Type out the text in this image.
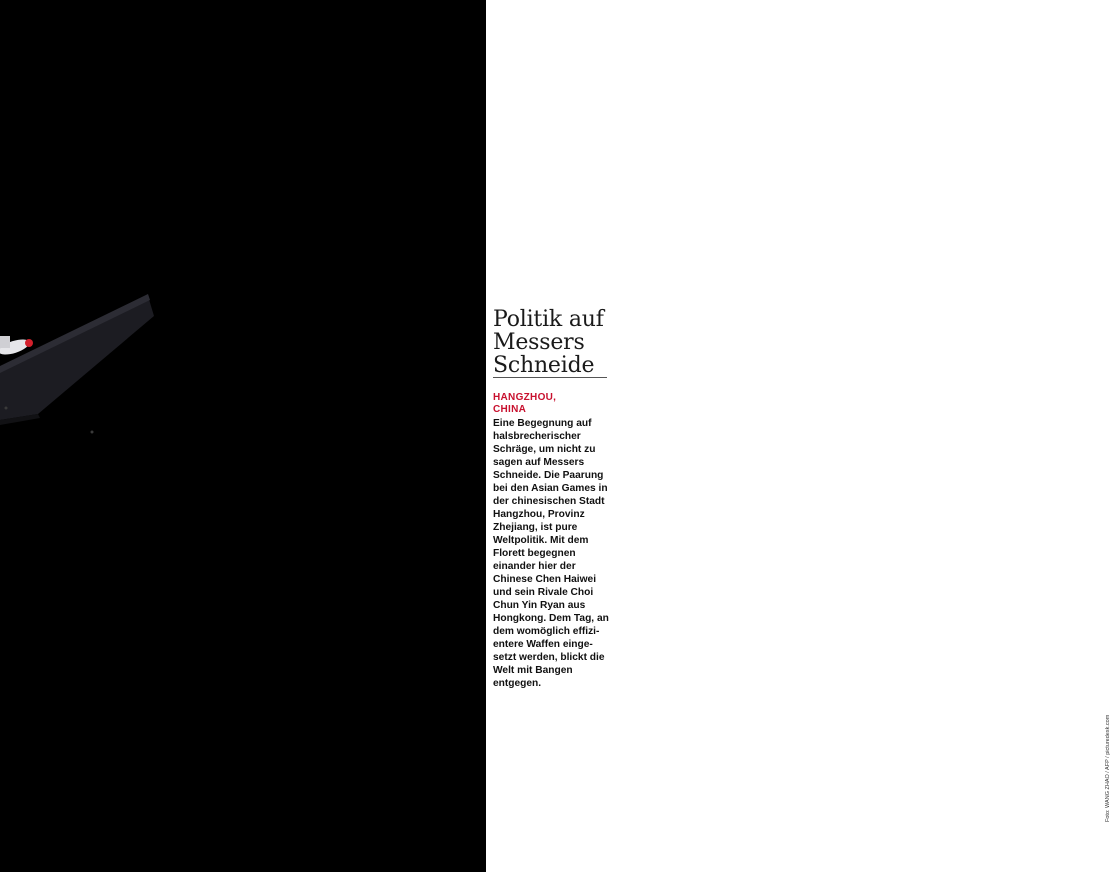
Politik auf
Messers
Schneide
HANGZHOU,
CHINA
Eine Begegnung auf
halsbrecherischer
Schräge, um nicht zu
sagen auf Messers
Schneide. Die Paarung
bei den Asian Games in
der chinesischen Stadt
Hangzhou, Provinz
Zhejiang, ist pure
Weltpolitik. Mit dem
Florett begegnen
einander hier der
Chinese Chen Haiwei
und sein Rivale Choi
Chun Yin Ryan aus
Hongkong. Dem Tag, an
dem womöglich effizi-
entere Waffen einge-
setzt werden, blickt die
Welt mit Bangen
entgegen.
Foto: WANG ZHAO / AFP / picturedesk.com
